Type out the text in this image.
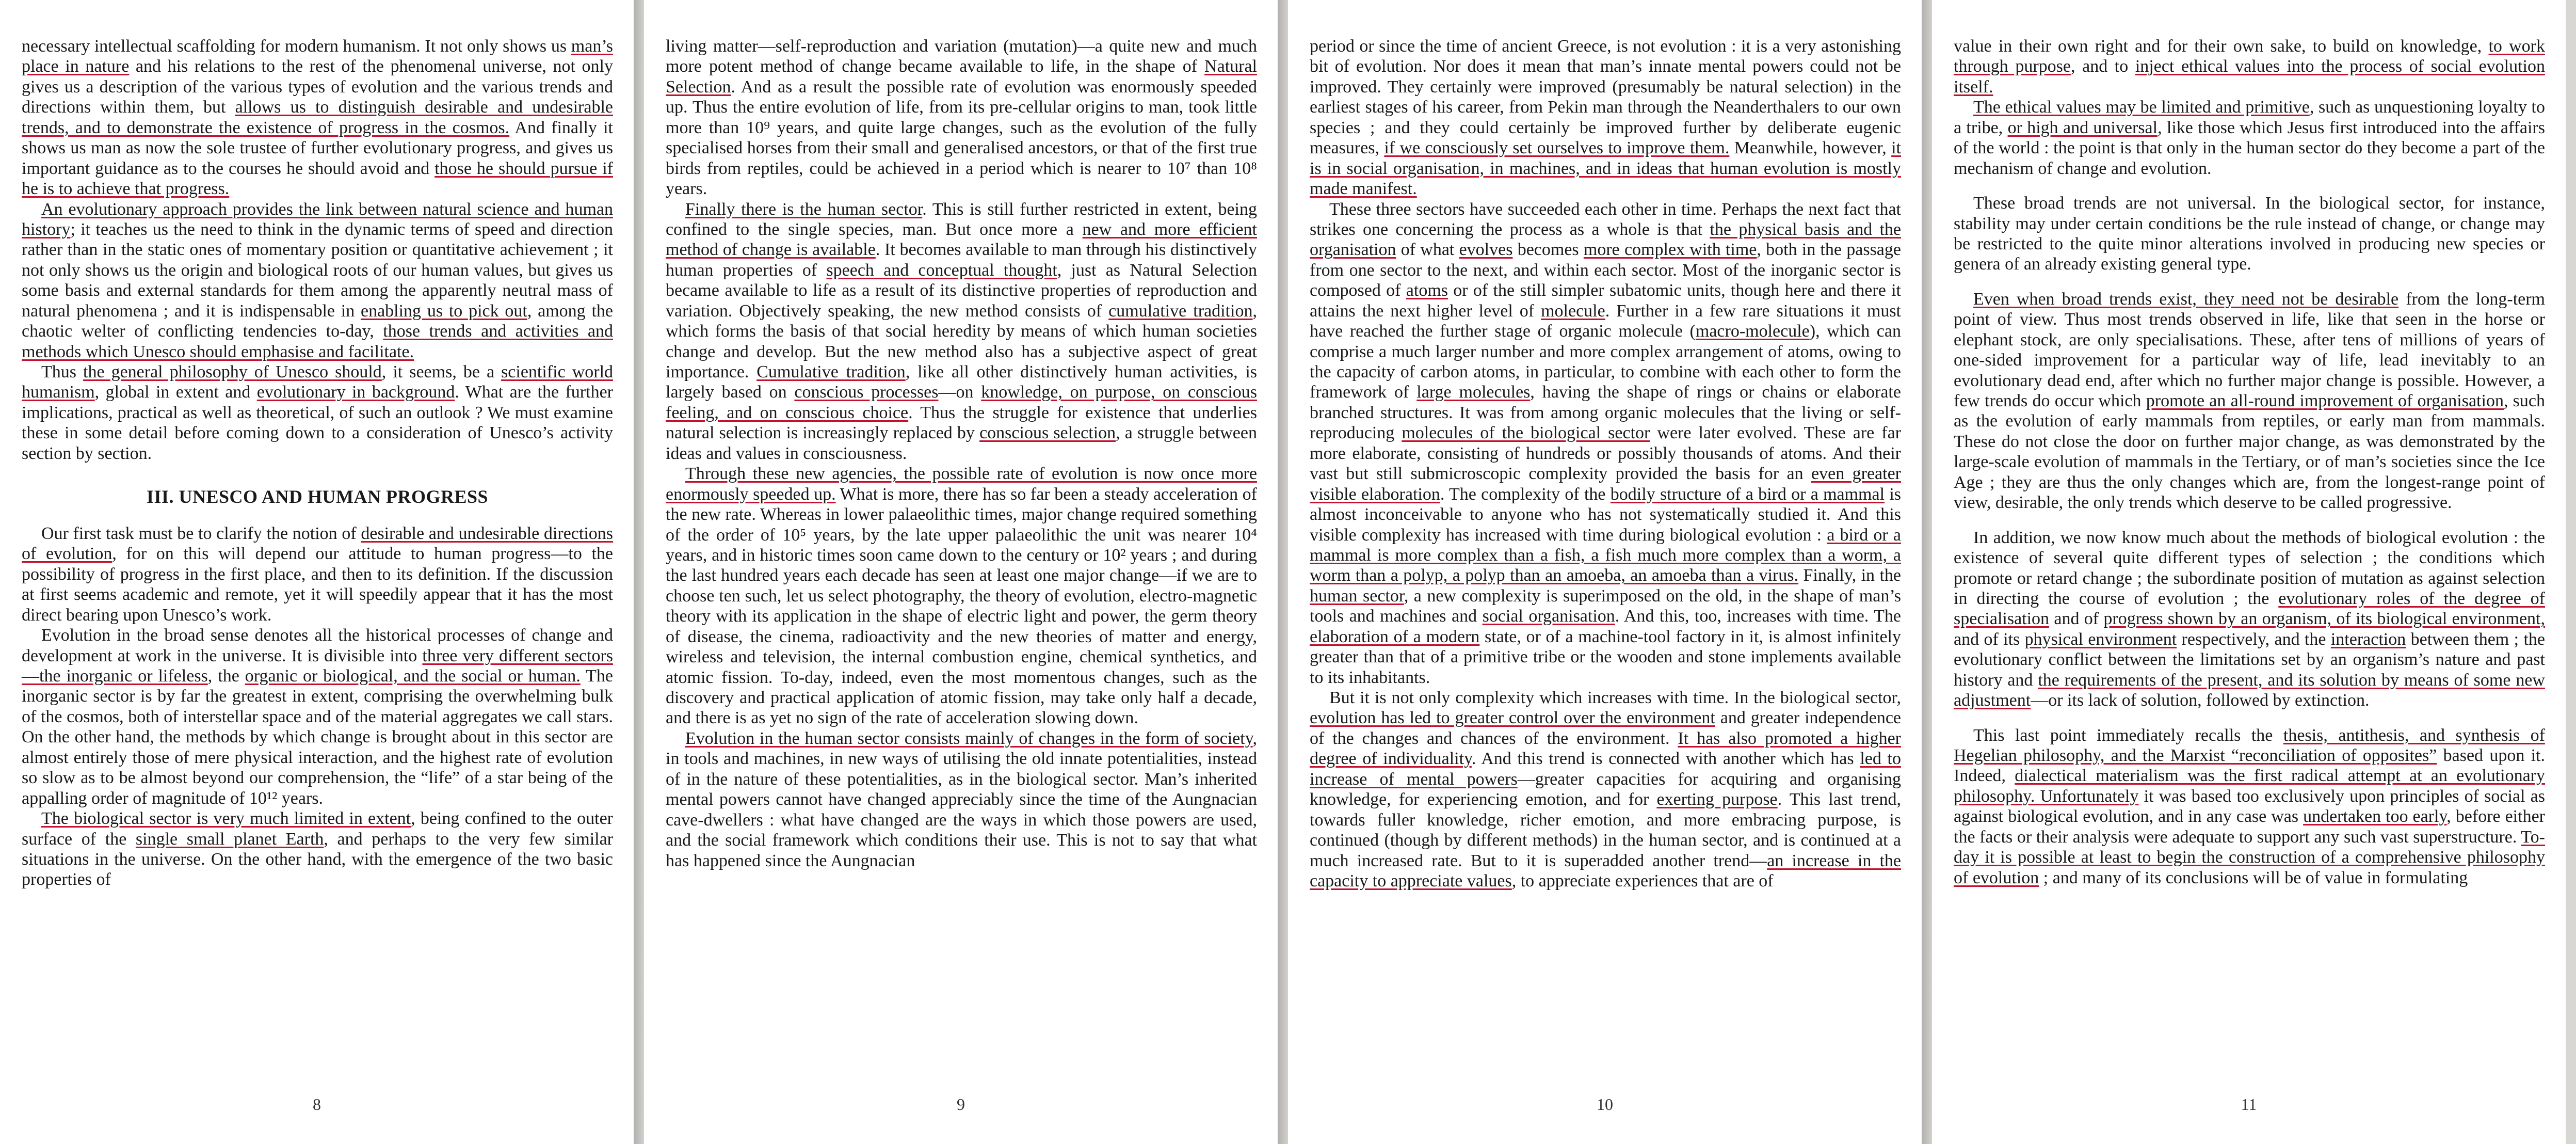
necessary intellectual scaffolding for modern humanism. It not only shows us man’s place in nature and his relations to the rest of the phenomenal universe, not only gives us a description of the various types of evolution and the various trends and directions within them, but allows us to distinguish desirable and undesirable trends, and to demonstrate the existence of progress in the cosmos. And finally it shows us man as now the sole trustee of further evolutionary progress, and gives us important guidance as to the courses he should avoid and those he should pursue if he is to achieve that progress.

An evolutionary approach provides the link between natural science and human history; it teaches us the need to think in the dynamic terms of speed and direction rather than in the static ones of momentary position or quantitative achievement ; it not only shows us the origin and biological roots of our human values, but gives us some basis and external standards for them among the apparently neutral mass of natural phenomena ; and it is indispensable in enabling us to pick out, among the chaotic welter of conflicting tendencies to-day, those trends and activities and methods which Unesco should emphasise and facilitate.

Thus the general philosophy of Unesco should, it seems, be a scientific world humanism, global in extent and evolutionary in background. What are the further implications, practical as well as theoretical, of such an outlook ? We must examine these in some detail before coming down to a consideration of Unesco’s activity section by section.

III. UNESCO AND HUMAN PROGRESS

Our first task must be to clarify the notion of desirable and undesirable directions of evolution, for on this will depend our attitude to human progress—to the possibility of progress in the first place, and then to its definition. If the discussion at first seems academic and remote, yet it will speedily appear that it has the most direct bearing upon Unesco’s work.

Evolution in the broad sense denotes all the historical processes of change and development at work in the universe. It is divisible into three very different sectors—the inorganic or lifeless, the organic or biological, and the social or human. The inorganic sector is by far the greatest in extent, comprising the overwhelming bulk of the cosmos, both of interstellar space and of the material aggregates we call stars. On the other hand, the methods by which change is brought about in this sector are almost entirely those of mere physical interaction, and the highest rate of evolution so slow as to be almost beyond our comprehension, the “life” of a star being of the appalling order of magnitude of 10¹² years.

The biological sector is very much limited in extent, being confined to the outer surface of the single small planet Earth, and perhaps to the very few similar situations in the universe. On the other hand, with the emergence of the two basic properties of

8

living matter—self-reproduction and variation (mutation)—a quite new and much more potent method of change became available to life, in the shape of Natural Selection. And as a result the possible rate of evolution was enormously speeded up. Thus the entire evolution of life, from its pre-cellular origins to man, took little more than 10⁹ years, and quite large changes, such as the evolution of the fully specialised horses from their small and generalised ancestors, or that of the first true birds from reptiles, could be achieved in a period which is nearer to 10⁷ than 10⁸ years.

Finally there is the human sector. This is still further restricted in extent, being confined to the single species, man. But once more a new and more efficient method of change is available. It becomes available to man through his distinctively human properties of speech and conceptual thought, just as Natural Selection became available to life as a result of its distinctive properties of reproduction and variation. Objectively speaking, the new method consists of cumulative tradition, which forms the basis of that social heredity by means of which human societies change and develop. But the new method also has a subjective aspect of great importance. Cumulative tradition, like all other distinctively human activities, is largely based on conscious processes—on knowledge, on purpose, on conscious feeling, and on conscious choice. Thus the struggle for existence that underlies natural selection is increasingly replaced by conscious selection, a struggle between ideas and values in consciousness.

Through these new agencies, the possible rate of evolution is now once more enormously speeded up. What is more, there has so far been a steady acceleration of the new rate. Whereas in lower palaeolithic times, major change required something of the order of 10⁵ years, by the late upper palaeolithic the unit was nearer 10⁴ years, and in historic times soon came down to the century or 10² years ; and during the last hundred years each decade has seen at least one major change—if we are to choose ten such, let us select photography, the theory of evolution, electro-magnetic theory with its application in the shape of electric light and power, the germ theory of disease, the cinema, radioactivity and the new theories of matter and energy, wireless and television, the internal combustion engine, chemical synthetics, and atomic fission. To-day, indeed, even the most momentous changes, such as the discovery and practical application of atomic fission, may take only half a decade, and there is as yet no sign of the rate of acceleration slowing down.

Evolution in the human sector consists mainly of changes in the form of society, in tools and machines, in new ways of utilising the old innate potentialities, instead of in the nature of these potentialities, as in the biological sector. Man’s inherited mental powers cannot have changed appreciably since the time of the Aungnacian cave-dwellers : what have changed are the ways in which those powers are used, and the social framework which conditions their use. This is not to say that what has happened since the Aungnacian

9

period or since the time of ancient Greece, is not evolution : it is a very astonishing bit of evolution. Nor does it mean that man’s innate mental powers could not be improved. They certainly were improved (presumably be natural selection) in the earliest stages of his career, from Pekin man through the Neanderthalers to our own species ; and they could certainly be improved further by deliberate eugenic measures, if we consciously set ourselves to improve them. Meanwhile, however, it is in social organisation, in machines, and in ideas that human evolution is mostly made manifest.

These three sectors have succeeded each other in time. Perhaps the next fact that strikes one concerning the process as a whole is that the physical basis and the organisation of what evolves becomes more complex with time, both in the passage from one sector to the next, and within each sector. Most of the inorganic sector is composed of atoms or of the still simpler subatomic units, though here and there it attains the next higher level of molecule. Further in a few rare situations it must have reached the further stage of organic molecule (macro-molecule), which can comprise a much larger number and more complex arrangement of atoms, owing to the capacity of carbon atoms, in particular, to combine with each other to form the framework of large molecules, having the shape of rings or chains or elaborate branched structures. It was from among organic molecules that the living or self-reproducing molecules of the biological sector were later evolved. These are far more elaborate, consisting of hundreds or possibly thousands of atoms. And their vast but still submicroscopic complexity provided the basis for an even greater visible elaboration. The complexity of the bodily structure of a bird or a mammal is almost inconceivable to anyone who has not systematically studied it. And this visible complexity has increased with time during biological evolution : a bird or a mammal is more complex than a fish, a fish much more complex than a worm, a worm than a polyp, a polyp than an amoeba, an amoeba than a virus. Finally, in the human sector, a new complexity is superimposed on the old, in the shape of man’s tools and machines and social organisation. And this, too, increases with time. The elaboration of a modern state, or of a machine-tool factory in it, is almost infinitely greater than that of a primitive tribe or the wooden and stone implements available to its inhabitants.

But it is not only complexity which increases with time. In the biological sector, evolution has led to greater control over the environment and greater independence of the changes and chances of the environment. It has also promoted a higher degree of individuality. And this trend is connected with another which has led to increase of mental powers—greater capacities for acquiring and organising knowledge, for experiencing emotion, and for exerting purpose. This last trend, towards fuller knowledge, richer emotion, and more embracing purpose, is continued (though by different methods) in the human sector, and is continued at a much increased rate. But to it is superadded another trend—an increase in the capacity to appreciate values, to appreciate experiences that are of

10

value in their own right and for their own sake, to build on knowledge, to work through purpose, and to inject ethical values into the process of social evolution itself.

The ethical values may be limited and primitive, such as unquestioning loyalty to a tribe, or high and universal, like those which Jesus first introduced into the affairs of the world : the point is that only in the human sector do they become a part of the mechanism of change and evolution.

These broad trends are not universal. In the biological sector, for instance, stability may under certain conditions be the rule instead of change, or change may be restricted to the quite minor alterations involved in producing new species or genera of an already existing general type.

Even when broad trends exist, they need not be desirable from the long-term point of view. Thus most trends observed in life, like that seen in the horse or elephant stock, are only specialisations. These, after tens of millions of years of one-sided improvement for a particular way of life, lead inevitably to an evolutionary dead end, after which no further major change is possible. However, a few trends do occur which promote an all-round improvement of organisation, such as the evolution of early mammals from reptiles, or early man from mammals. These do not close the door on further major change, as was demonstrated by the large-scale evolution of mammals in the Tertiary, or of man’s societies since the Ice Age ; they are thus the only changes which are, from the longest-range point of view, desirable, the only trends which deserve to be called progressive.

In addition, we now know much about the methods of biological evolution : the existence of several quite different types of selection ; the conditions which promote or retard change ; the subordinate position of mutation as against selection in directing the course of evolution ; the evolutionary roles of the degree of specialisation and of progress shown by an organism, of its biological environment, and of its physical environment respectively, and the interaction between them ; the evolutionary conflict between the limitations set by an organism’s nature and past history and the requirements of the present, and its solution by means of some new adjustment—or its lack of solution, followed by extinction.

This last point immediately recalls the thesis, antithesis, and synthesis of Hegelian philosophy, and the Marxist “reconciliation of opposites” based upon it. Indeed, dialectical materialism was the first radical attempt at an evolutionary philosophy. Unfortunately it was based too exclusively upon principles of social as against biological evolution, and in any case was undertaken too early, before either the facts or their analysis were adequate to support any such vast superstructure. To-day it is possible at least to begin the construction of a comprehensive philosophy of evolution ; and many of its conclusions will be of value in formulating

11
